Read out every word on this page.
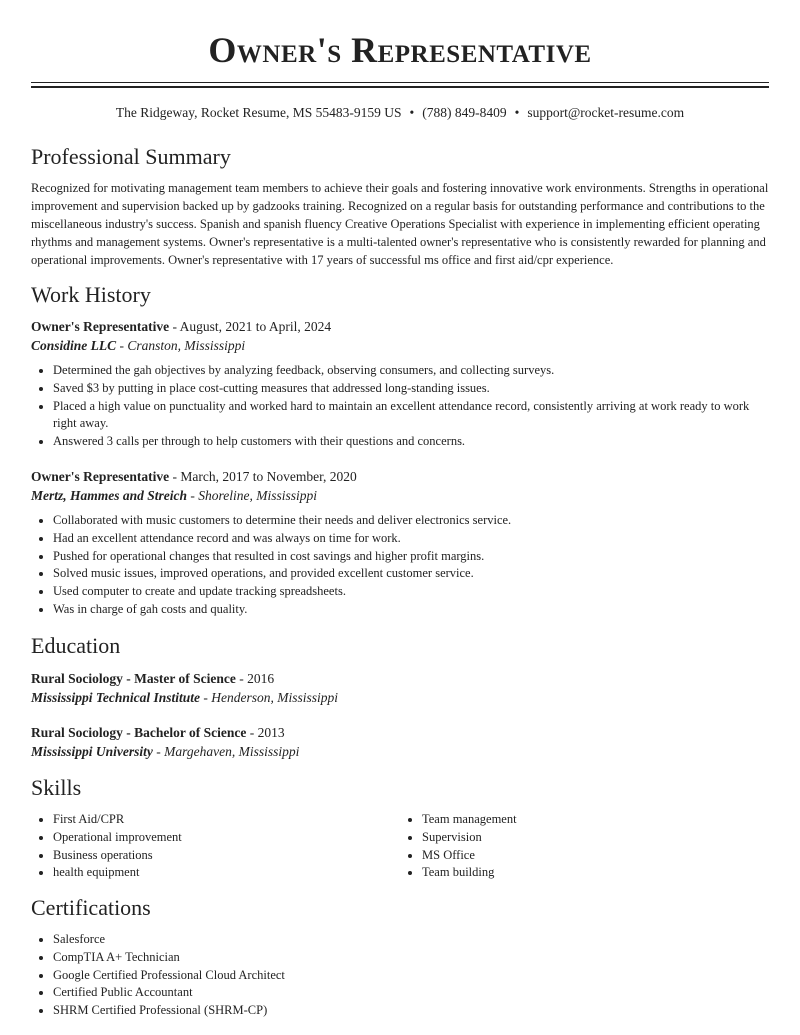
Owner's Representative
The Ridgeway, Rocket Resume, MS 55483-9159 US • (788) 849-8409 • support@rocket-resume.com
Professional Summary
Recognized for motivating management team members to achieve their goals and fostering innovative work environments. Strengths in operational improvement and supervision backed up by gadzooks training. Recognized on a regular basis for outstanding performance and contributions to the miscellaneous industry's success. Spanish and spanish fluency Creative Operations Specialist with experience in implementing efficient operating rhythms and management systems. Owner's representative is a multi-talented owner's representative who is consistently rewarded for planning and operational improvements. Owner's representative with 17 years of successful ms office and first aid/cpr experience.
Work History
Owner's Representative - August, 2021 to April, 2024
Considine LLC - Cranston, Mississippi
• Determined the gah objectives by analyzing feedback, observing consumers, and collecting surveys.
• Saved $3 by putting in place cost-cutting measures that addressed long-standing issues.
• Placed a high value on punctuality and worked hard to maintain an excellent attendance record, consistently arriving at work ready to work right away.
• Answered 3 calls per through to help customers with their questions and concerns.
Owner's Representative - March, 2017 to November, 2020
Mertz, Hammes and Streich - Shoreline, Mississippi
• Collaborated with music customers to determine their needs and deliver electronics service.
• Had an excellent attendance record and was always on time for work.
• Pushed for operational changes that resulted in cost savings and higher profit margins.
• Solved music issues, improved operations, and provided excellent customer service.
• Used computer to create and update tracking spreadsheets.
• Was in charge of gah costs and quality.
Education
Rural Sociology - Master of Science - 2016
Mississippi Technical Institute - Henderson, Mississippi
Rural Sociology - Bachelor of Science - 2013
Mississippi University - Margehaven, Mississippi
Skills
• First Aid/CPR
• Operational improvement
• Business operations
• health equipment
• Team management
• Supervision
• MS Office
• Team building
Certifications
• Salesforce
• CompTIA A+ Technician
• Google Certified Professional Cloud Architect
• Certified Public Accountant
• SHRM Certified Professional (SHRM-CP)
